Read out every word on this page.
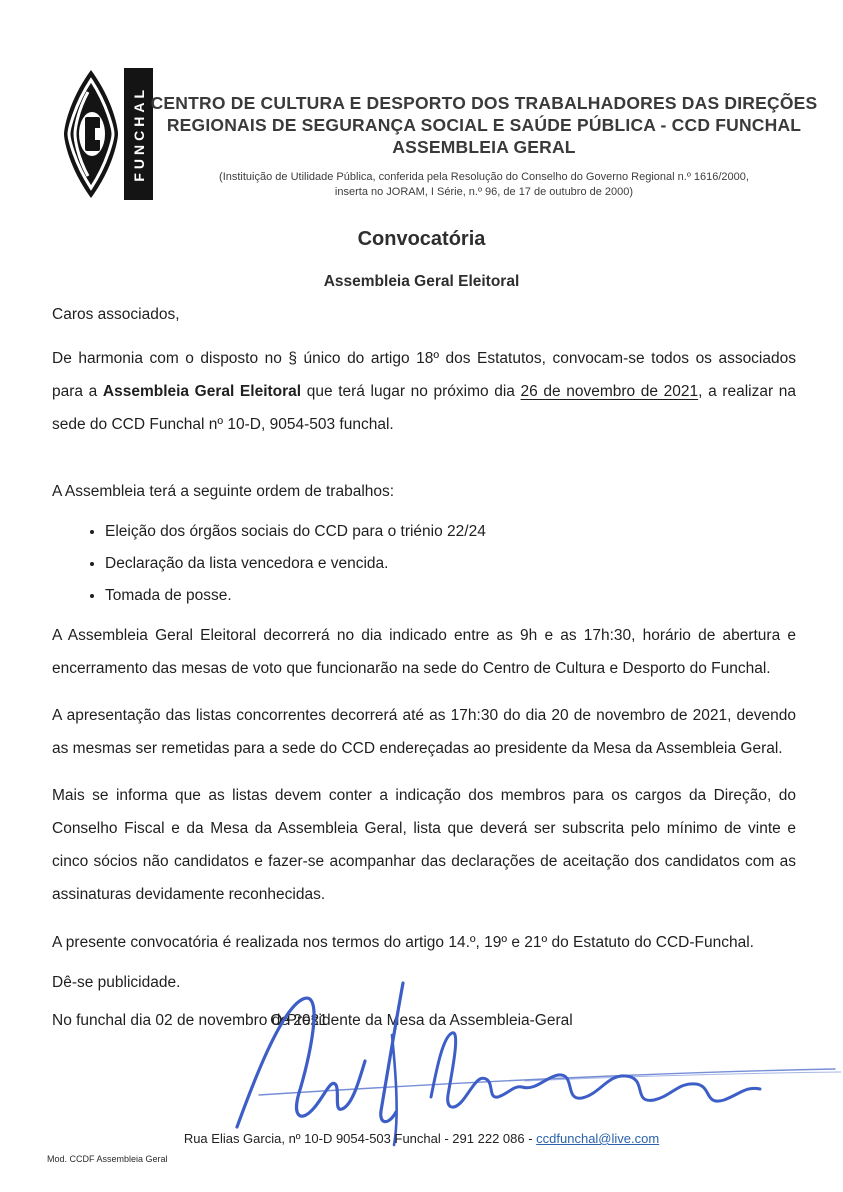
FUNCHAL CENTRO DE CULTURA E DESPORTO DOS TRABALHADORES DAS DIREÇÕES
REGIONAIS DE SEGURANÇA SOCIAL E SAÚDE PÚBLICA - CCD FUNCHAL
ASSEMBLEIA GERAL
(Instituição de Utilidade Pública, conferida pela Resolução do Conselho do Governo Regional n.º 1616/2000,
inserta no JORAM, I Série, n.º 96, de 17 de outubro de 2000)
Convocatória
Assembleia Geral Eleitoral

Caros associados,

De harmonia com o disposto no § único do artigo 18º dos Estatutos, convocam-se todos os associados para a Assembleia Geral Eleitoral que terá lugar no próximo dia 26 de novembro de 2021, a realizar na sede do CCD Funchal nº 10-D, 9054-503 funchal.

A Assembleia terá a seguinte ordem de trabalhos:

• Eleição dos órgãos sociais do CCD para o triénio 22/24
• Declaração da lista vencedora e vencida.
• Tomada de posse.

A Assembleia Geral Eleitoral decorrerá no dia indicado entre as 9h e as 17h:30, horário de abertura e encerramento das mesas de voto que funcionarão na sede do Centro de Cultura e Desporto do Funchal.

A apresentação das listas concorrentes decorrerá até as 17h:30 do dia 20 de novembro de 2021, devendo as mesmas ser remetidas para a sede do CCD endereçadas ao presidente da Mesa da Assembleia Geral.

Mais se informa que as listas devem conter a indicação dos membros para os cargos da Direção, do Conselho Fiscal e da Mesa da Assembleia Geral, lista que deverá ser subscrita pelo mínimo de vinte e cinco sócios não candidatos e fazer-se acompanhar das declarações de aceitação dos candidatos com as assinaturas devidamente reconhecidas.

A presente convocatória é realizada nos termos do artigo 14.º, 19º e 21º do Estatuto do CCD-Funchal.

Dê-se publicidade.

No funchal dia 02 de novembro de 2021

O Presidente da Mesa da Assembleia-Geral
Rua Elias Garcia, nº 10-D 9054-503 Funchal - 291 222 086 - ccdfunchal@live.com
Mod. CCDF Assembleia Geral
